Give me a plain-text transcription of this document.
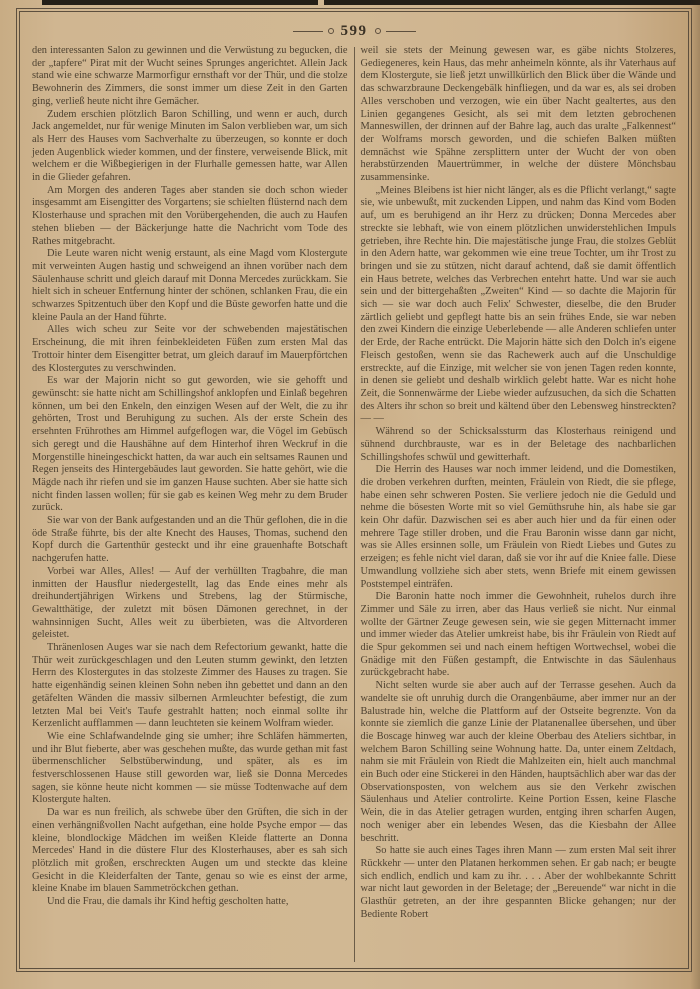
599

den interessanten Salon zu gewinnen und die Verwüstung zu begucken, die der „tapfere“ Pirat mit der Wucht seines Sprunges angerichtet. Allein Jack stand wie eine schwarze Marmorfigur ernsthaft vor der Thür, und die stolze Bewohnerin des Zimmers, die sonst immer um diese Zeit in den Garten ging, verließ heute nicht ihre Gemächer.

Zudem erschien plötzlich Baron Schilling, und wenn er auch, durch Jack angemeldet, nur für wenige Minuten im Salon verblieben war, um sich als Herr des Hauses vom Sachverhalte zu überzeugen, so konnte er doch jeden Augenblick wieder kommen, und der finstere, verweisende Blick, mit welchem er die Wißbegierigen in der Flurhalle gemessen hatte, war Allen in die Glieder gefahren.

Am Morgen des anderen Tages aber standen sie doch schon wieder insgesammt am Eisengitter des Vorgartens; sie schielten flüsternd nach dem Klosterhause und sprachen mit den Vorübergehenden, die auch zu Haufen stehen blieben — der Bäckerjunge hatte die Nachricht vom Tode des Rathes mitgebracht.

Die Leute waren nicht wenig erstaunt, als eine Magd vom Klostergute mit verweinten Augen hastig und schweigend an ihnen vorüber nach dem Säulenhause schritt und gleich darauf mit Donna Mercedes zurückkam. Sie hielt sich in scheuer Entfernung hinter der schönen, schlanken Frau, die ein schwarzes Spitzentuch über den Kopf und die Büste geworfen hatte und die kleine Paula an der Hand führte.

Alles wich scheu zur Seite vor der schwebenden majestätischen Erscheinung, die mit ihren feinbekleideten Füßen zum ersten Mal das Trottoir hinter dem Eisengitter betrat, um gleich darauf im Mauerpförtchen des Klostergutes zu verschwinden.

Es war der Majorin nicht so gut geworden, wie sie gehofft und gewünscht: sie hatte nicht am Schillingshof anklopfen und Einlaß begehren können, um bei den Enkeln, den einzigen Wesen auf der Welt, die zu ihr gehörten, Trost und Beruhigung zu suchen. Als der erste Schein des ersehnten Frührothes am Himmel aufgeflogen war, die Vögel im Gebüsch sich geregt und die Haushähne auf dem Hinterhof ihren Weckruf in die Morgenstille hineingeschickt hatten, da war auch ein seltsames Raunen und Regen jenseits des Hintergebäudes laut geworden. Sie hatte gehört, wie die Mägde nach ihr riefen und sie im ganzen Hause suchten. Aber sie hatte sich nicht finden lassen wollen; für sie gab es keinen Weg mehr zu dem Bruder zurück.

Sie war von der Bank aufgestanden und an die Thür geflohen, die in die öde Straße führte, bis der alte Knecht des Hauses, Thomas, suchend den Kopf durch die Gartenthür gesteckt und ihr eine grauenhafte Botschaft nachgerufen hatte.

Vorbei war Alles, Alles! — Auf der verhüllten Tragbahre, die man inmitten der Hausflur niedergestellt, lag das Ende eines mehr als dreihundertjährigen Wirkens und Strebens, lag der Stürmische, Gewaltthätige, der zuletzt mit bösen Dämonen gerechnet, in der wahnsinnigen Sucht, Alles weit zu überbieten, was die Altvorderen geleistet.

Thränenlosen Auges war sie nach dem Refectorium gewankt, hatte die Thür weit zurückgeschlagen und den Leuten stumm gewinkt, den letzten Herrn des Klostergutes in das stolzeste Zimmer des Hauses zu tragen. Sie hatte eigenhändig seinen kleinen Sohn neben ihn gebettet und dann an den getäfelten Wänden die massiv silbernen Armleuchter befestigt, die zum letzten Mal bei Veit's Taufe gestrahlt hatten; noch einmal sollte ihr Kerzenlicht aufflammen — dann leuchteten sie keinem Wolfram wieder.

Wie eine Schlafwandelnde ging sie umher; ihre Schläfen hämmerten, und ihr Blut fieberte, aber was geschehen mußte, das wurde gethan mit fast übermenschlicher Selbstüberwindung, und später, als es im festverschlossenen Hause still geworden war, ließ sie Donna Mercedes sagen, sie könne heute nicht kommen — sie müsse Todtenwache auf dem Klostergute halten.

Da war es nun freilich, als schwebe über den Grüften, die sich in der einen verhängnißvollen Nacht aufgethan, eine holde Psyche empor — das kleine, blondlockige Mädchen im weißen Kleide flatterte an Donna Mercedes' Hand in die düstere Flur des Klosterhauses, aber es sah sich plötzlich mit großen, erschreckten Augen um und steckte das kleine Gesicht in die Kleiderfalten der Tante, genau so wie es einst der arme, kleine Knabe im blauen Sammetröckchen gethan.

Und die Frau, die damals ihr Kind heftig gescholten hatte,

weil sie stets der Meinung gewesen war, es gäbe nichts Stolzeres, Gediegeneres, kein Haus, das mehr anheimeln könnte, als ihr Vaterhaus auf dem Klostergute, sie ließ jetzt unwillkürlich den Blick über die Wände und das schwarzbraune Deckengebälk hinfliegen, und da war es, als sei droben Alles verschoben und verzogen, wie ein über Nacht gealtertes, aus den Linien gegangenes Gesicht, als sei mit dem letzten gebrochenen Manneswillen, der drinnen auf der Bahre lag, auch das uralte „Falkennest“ der Wolframs morsch geworden, und die schiefen Balken müßten demnächst wie Spähne zersplittern unter der Wucht der von oben herabstürzenden Mauertrümmer, in welche der düstere Mönchsbau zusammensinke.

„Meines Bleibens ist hier nicht länger, als es die Pflicht verlangt,“ sagte sie, wie unbewußt, mit zuckenden Lippen, und nahm das Kind vom Boden auf, um es beruhigend an ihr Herz zu drücken; Donna Mercedes aber streckte sie lebhaft, wie von einem plötzlichen unwiderstehlichen Impuls getrieben, ihre Rechte hin. Die majestätische junge Frau, die stolzes Geblüt in den Adern hatte, war gekommen wie eine treue Tochter, um ihr Trost zu bringen und sie zu stützen, nicht darauf achtend, daß sie damit öffentlich ein Haus betrete, welches das Verbrechen entehrt hatte. Und war sie auch sein und der bittergehaßten „Zweiten“ Kind — so dachte die Majorin für sich — sie war doch auch Felix' Schwester, dieselbe, die den Bruder zärtlich geliebt und gepflegt hatte bis an sein frühes Ende, sie war neben den zwei Kindern die einzige Ueberlebende — alle Anderen schliefen unter der Erde, der Rache entrückt. Die Majorin hätte sich den Dolch in's eigene Fleisch gestoßen, wenn sie das Rachewerk auch auf die Unschuldige erstreckte, auf die Einzige, mit welcher sie von jenen Tagen reden konnte, in denen sie geliebt und deshalb wirklich gelebt hatte. War es nicht hohe Zeit, die Sonnenwärme der Liebe wieder aufzusuchen, da sich die Schatten des Alters ihr schon so breit und kältend über den Lebensweg hinstreckten? — —

Während so der Schicksalssturm das Klosterhaus reinigend und sühnend durchbrauste, war es in der Beletage des nachbarlichen Schillingshofes schwül und gewitterhaft.

Die Herrin des Hauses war noch immer leidend, und die Domestiken, die droben verkehren durften, meinten, Fräulein von Riedt, die sie pflege, habe einen sehr schweren Posten. Sie verliere jedoch nie die Geduld und nehme die bösesten Worte mit so viel Gemüthsruhe hin, als habe sie gar kein Ohr dafür. Dazwischen sei es aber auch hier und da für einen oder mehrere Tage stiller droben, und die Frau Baronin wisse dann gar nicht, was sie Alles ersinnen solle, um Fräulein von Riedt Liebes und Gutes zu erzeigen; es fehle nicht viel daran, daß sie vor ihr auf die Kniee falle. Diese Umwandlung vollziehe sich aber stets, wenn Briefe mit einem gewissen Poststempel einträfen.

Die Baronin hatte noch immer die Gewohnheit, ruhelos durch ihre Zimmer und Säle zu irren, aber das Haus verließ sie nicht. Nur einmal wollte der Gärtner Zeuge gewesen sein, wie sie gegen Mitternacht immer und immer wieder das Atelier umkreist habe, bis ihr Fräulein von Riedt auf die Spur gekommen sei und nach einem heftigen Wortwechsel, wobei die Gnädige mit den Füßen gestampft, die Entwischte in das Säulenhaus zurückgebracht habe.

Nicht selten wurde sie aber auch auf der Terrasse gesehen. Auch da wandelte sie oft unruhig durch die Orangenbäume, aber immer nur an der Balustrade hin, welche die Plattform auf der Ostseite begrenzte. Von da konnte sie ziemlich die ganze Linie der Platanenallee übersehen, und über die Boscage hinweg war auch der kleine Oberbau des Ateliers sichtbar, in welchem Baron Schilling seine Wohnung hatte. Da, unter einem Zeltdach, nahm sie mit Fräulein von Riedt die Mahlzeiten ein, hielt auch manchmal ein Buch oder eine Stickerei in den Händen, hauptsächlich aber war das der Observationsposten, von welchem aus sie den Verkehr zwischen Säulenhaus und Atelier controlirte. Keine Portion Essen, keine Flasche Wein, die in das Atelier getragen wurden, entging ihren scharfen Augen, noch weniger aber ein lebendes Wesen, das die Kiesbahn der Allee beschritt.

So hatte sie auch eines Tages ihren Mann — zum ersten Mal seit ihrer Rückkehr — unter den Platanen herkommen sehen. Er gab nach; er beugte sich endlich, endlich und kam zu ihr. . . . Aber der wohlbekannte Schritt war nicht laut geworden in der Beletage; der „Bereuende“ war nicht in die Glasthür getreten, an der ihre gespannten Blicke gehangen; nur der Bediente Robert
